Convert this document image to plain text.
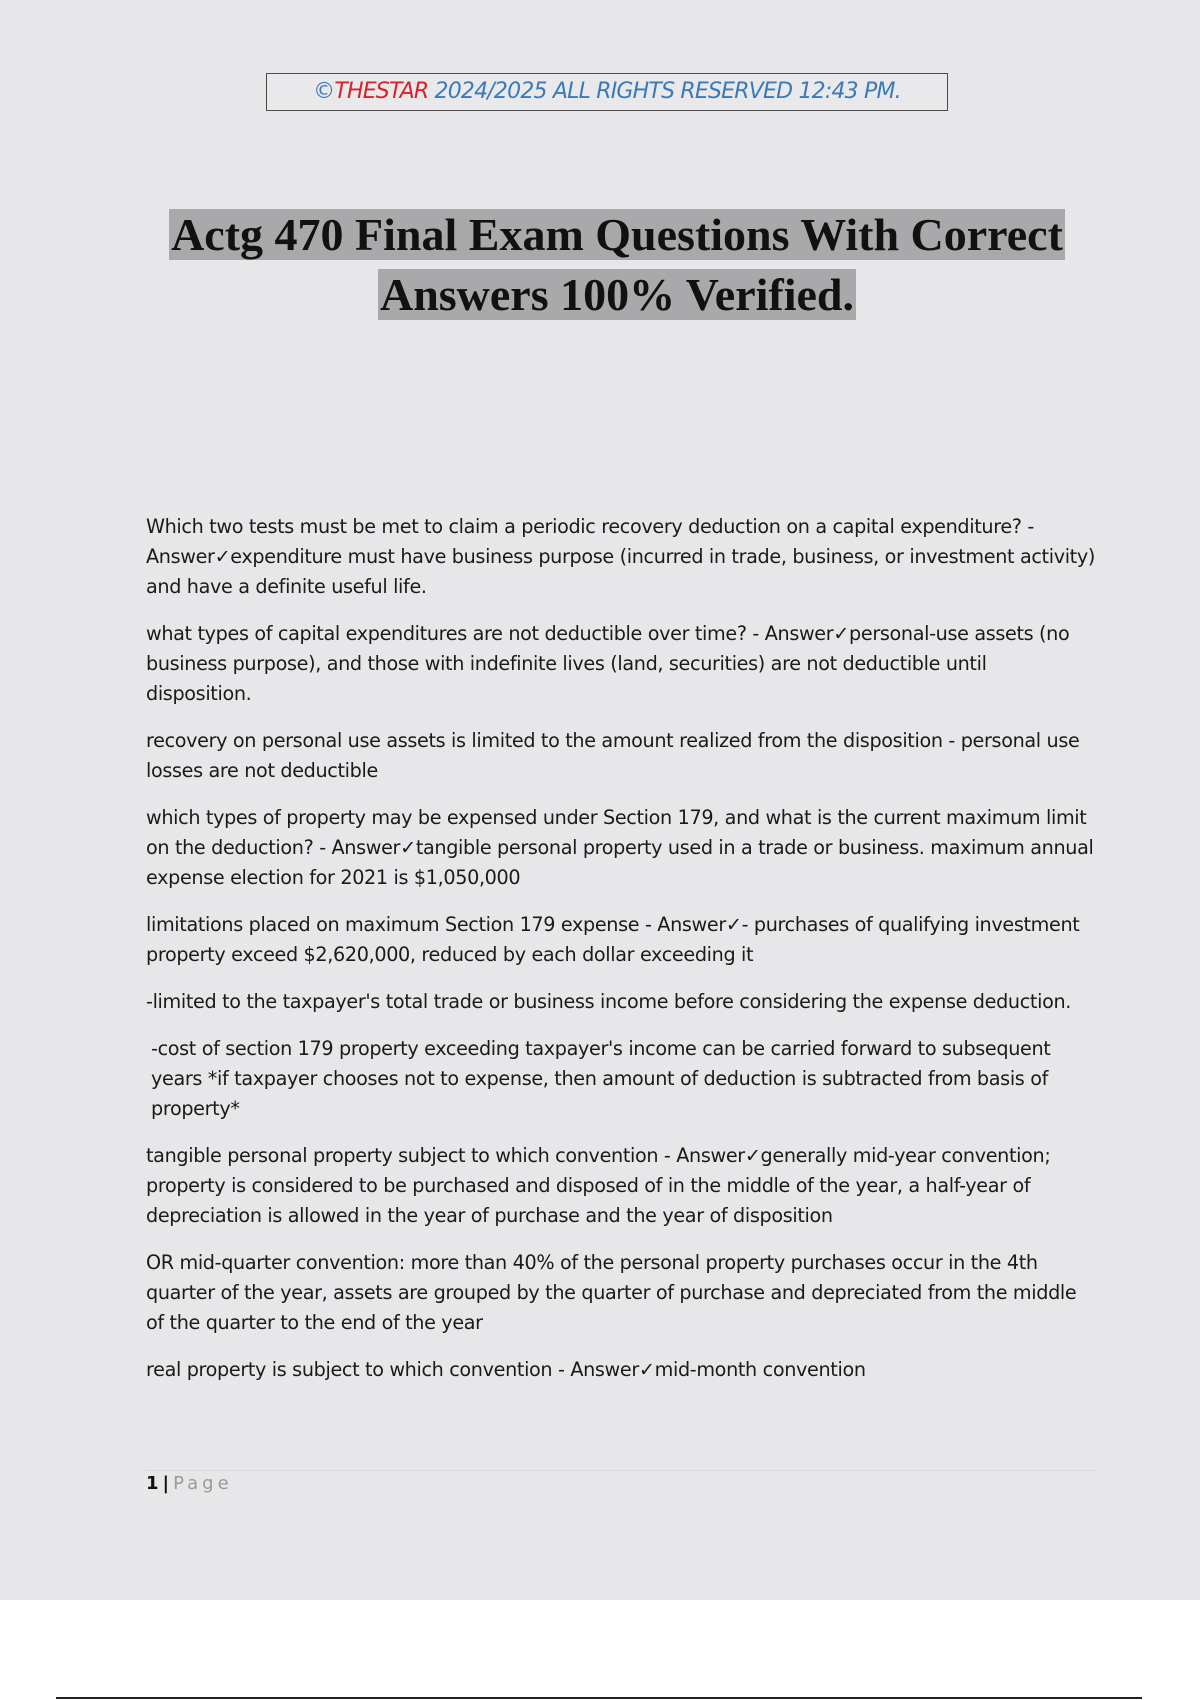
©THESTAR 2024/2025 ALL RIGHTS RESERVED 12:43 PM.
Actg 470 Final Exam Questions With Correct
Answers 100% Verified.

Which two tests must be met to claim a periodic recovery deduction on a capital expenditure? - Answer✓expenditure must have business purpose (incurred in trade, business, or investment activity) and have a definite useful life.

what types of capital expenditures are not deductible over time? - Answer✓personal-use assets (no business purpose), and those with indefinite lives (land, securities) are not deductible until disposition.

recovery on personal use assets is limited to the amount realized from the disposition - personal use losses are not deductible

which types of property may be expensed under Section 179, and what is the current maximum limit on the deduction? - Answer✓tangible personal property used in a trade or business. maximum annual expense election for 2021 is $1,050,000

limitations placed on maximum Section 179 expense - Answer✓- purchases of qualifying investment property exceed $2,620,000, reduced by each dollar exceeding it

-limited to the taxpayer's total trade or business income before considering the expense deduction.

-cost of section 179 property exceeding taxpayer's income can be carried forward to subsequent years *if taxpayer chooses not to expense, then amount of deduction is subtracted from basis of property*

tangible personal property subject to which convention - Answer✓generally mid-year convention; property is considered to be purchased and disposed of in the middle of the year, a half-year of depreciation is allowed in the year of purchase and the year of disposition

OR mid-quarter convention: more than 40% of the personal property purchases occur in the 4th quarter of the year, assets are grouped by the quarter of purchase and depreciated from the middle of the quarter to the end of the year

real property is subject to which convention - Answer✓mid-month convention

1 | Page
